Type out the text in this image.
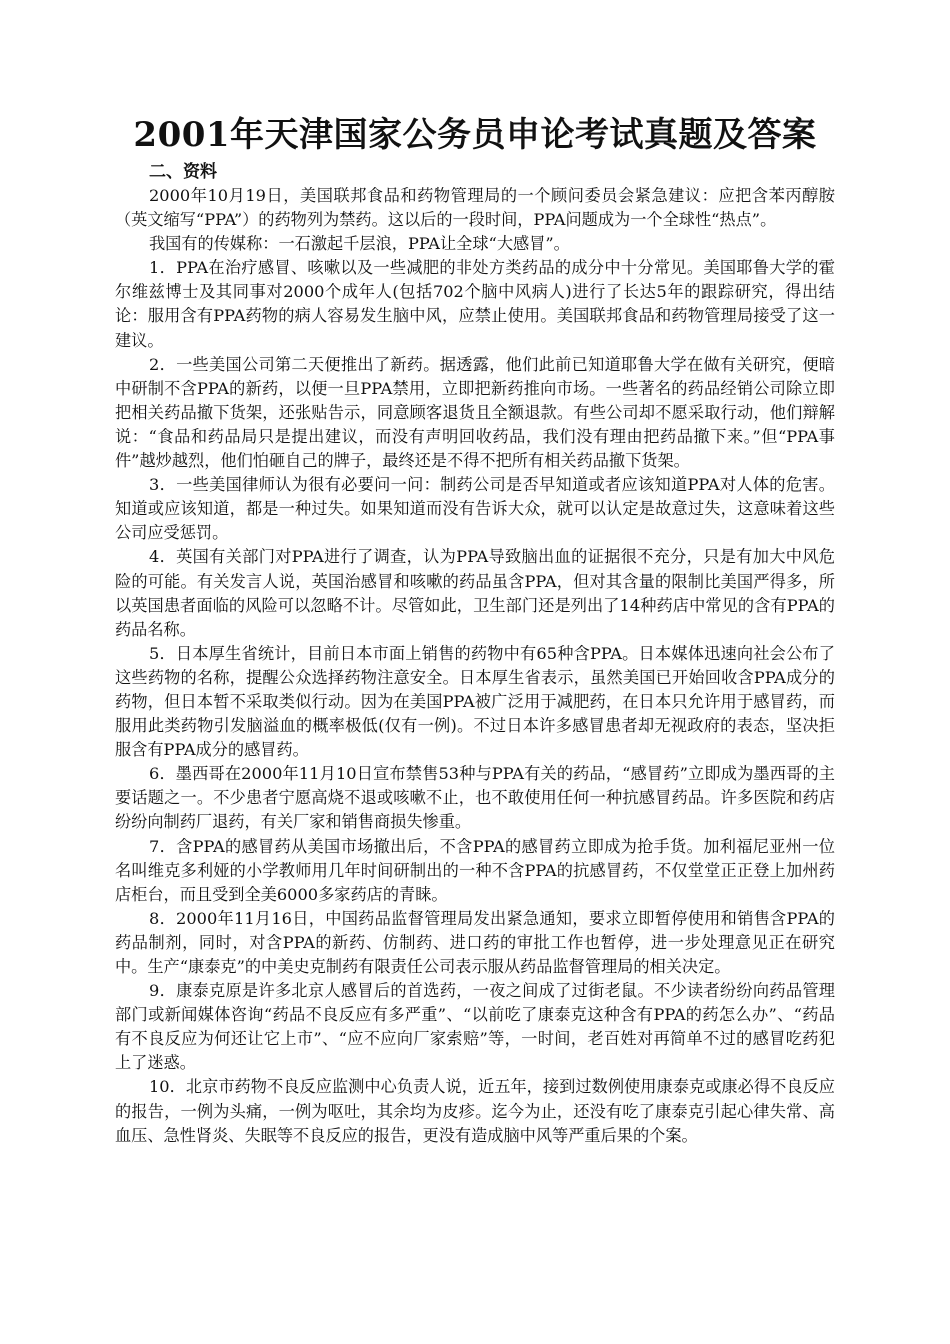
2001年天津国家公务员申论考试真题及答案

二、资料

2000年10月19日，美国联邦食品和药物管理局的一个顾问委员会紧急建议：应把含苯丙醇胺（英文缩写“PPA”）的药物列为禁药。这以后的一段时间，PPA问题成为一个全球性“热点”。

我国有的传媒称：一石激起千层浪，PPA让全球“大感冒”。

1．PPA在治疗感冒、咳嗽以及一些减肥的非处方类药品的成分中十分常见。美国耶鲁大学的霍尔维兹博士及其同事对2000个成年人(包括702个脑中风病人)进行了长达5年的跟踪研究，得出结论：服用含有PPA药物的病人容易发生脑中风，应禁止使用。美国联邦食品和药物管理局接受了这一建议。

2．一些美国公司第二天便推出了新药。据透露，他们此前已知道耶鲁大学在做有关研究，便暗中研制不含PPA的新药，以便一旦PPA禁用，立即把新药推向市场。一些著名的药品经销公司除立即把相关药品撤下货架，还张贴告示，同意顾客退货且全额退款。有些公司却不愿采取行动，他们辩解说：“食品和药品局只是提出建议，而没有声明回收药品，我们没有理由把药品撤下来。”但“PPA事件”越炒越烈，他们怕砸自己的牌子，最终还是不得不把所有相关药品撤下货架。

3．一些美国律师认为很有必要问一问：制药公司是否早知道或者应该知道PPA对人体的危害。知道或应该知道，都是一种过失。如果知道而没有告诉大众，就可以认定是故意过失，这意味着这些公司应受惩罚。

4．英国有关部门对PPA进行了调查，认为PPA导致脑出血的证据很不充分，只是有加大中风危险的可能。有关发言人说，英国治感冒和咳嗽的药品虽含PPA，但对其含量的限制比美国严得多，所以英国患者面临的风险可以忽略不计。尽管如此，卫生部门还是列出了14种药店中常见的含有PPA的药品名称。

5．日本厚生省统计，目前日本市面上销售的药物中有65种含PPA。日本媒体迅速向社会公布了这些药物的名称，提醒公众选择药物注意安全。日本厚生省表示，虽然美国已开始回收含PPA成分的药物，但日本暂不采取类似行动。因为在美国PPA被广泛用于减肥药，在日本只允许用于感冒药，而服用此类药物引发脑溢血的概率极低(仅有一例)。不过日本许多感冒患者却无视政府的表态，坚决拒服含有PPA成分的感冒药。

6．墨西哥在2000年11月10日宣布禁售53种与PPA有关的药品，“感冒药”立即成为墨西哥的主要话题之一。不少患者宁愿高烧不退或咳嗽不止，也不敢使用任何一种抗感冒药品。许多医院和药店纷纷向制药厂退药，有关厂家和销售商损失惨重。

7．含PPA的感冒药从美国市场撤出后，不含PPA的感冒药立即成为抢手货。加利福尼亚州一位名叫维克多利娅的小学教师用几年时间研制出的一种不含PPA的抗感冒药，不仅堂堂正正登上加州药店柜台，而且受到全美6000多家药店的青睐。

8．2000年11月16日，中国药品监督管理局发出紧急通知，要求立即暂停使用和销售含PPA的药品制剂，同时，对含PPA的新药、仿制药、进口药的审批工作也暂停，进一步处理意见正在研究中。生产“康泰克”的中美史克制药有限责任公司表示服从药品监督管理局的相关决定。

9．康泰克原是许多北京人感冒后的首选药，一夜之间成了过街老鼠。不少读者纷纷向药品管理部门或新闻媒体咨询“药品不良反应有多严重”、“以前吃了康泰克这种含有PPA的药怎么办”、“药品有不良反应为何还让它上市”、“应不应向厂家索赔”等，一时间，老百姓对再简单不过的感冒吃药犯上了迷惑。

10．北京市药物不良反应监测中心负责人说，近五年，接到过数例使用康泰克或康必得不良反应的报告，一例为头痛，一例为呕吐，其余均为皮疹。迄今为止，还没有吃了康泰克引起心律失常、高血压、急性肾炎、失眠等不良反应的报告，更没有造成脑中风等严重后果的个案。
